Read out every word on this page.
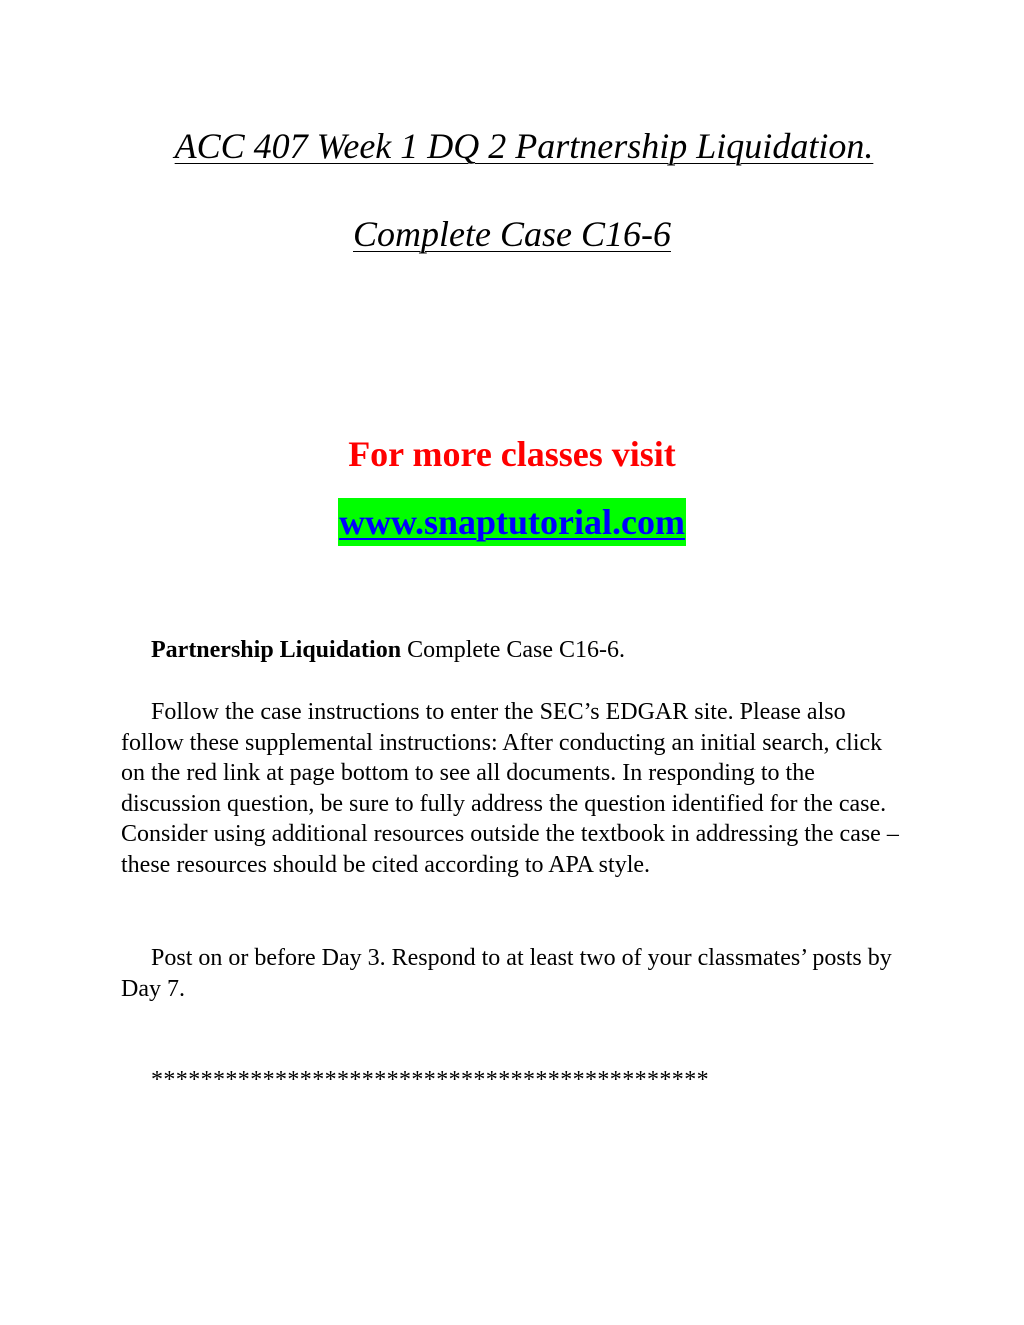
ACC 407 Week 1 DQ 2 Partnership Liquidation.
Complete Case C16-6
For more classes visit
www.snaptutorial.com

Partnership Liquidation Complete Case C16-6.

Follow the case instructions to enter the SEC’s EDGAR site. Please also follow these supplemental instructions: After conducting an initial search, click on the red link at page bottom to see all documents. In responding to the discussion question, be sure to fully address the question identified for the case. Consider using additional resources outside the textbook in addressing the case – these resources should be cited according to APA style.

Post on or before Day 3. Respond to at least two of your classmates’ posts by Day 7.

*********************************************
